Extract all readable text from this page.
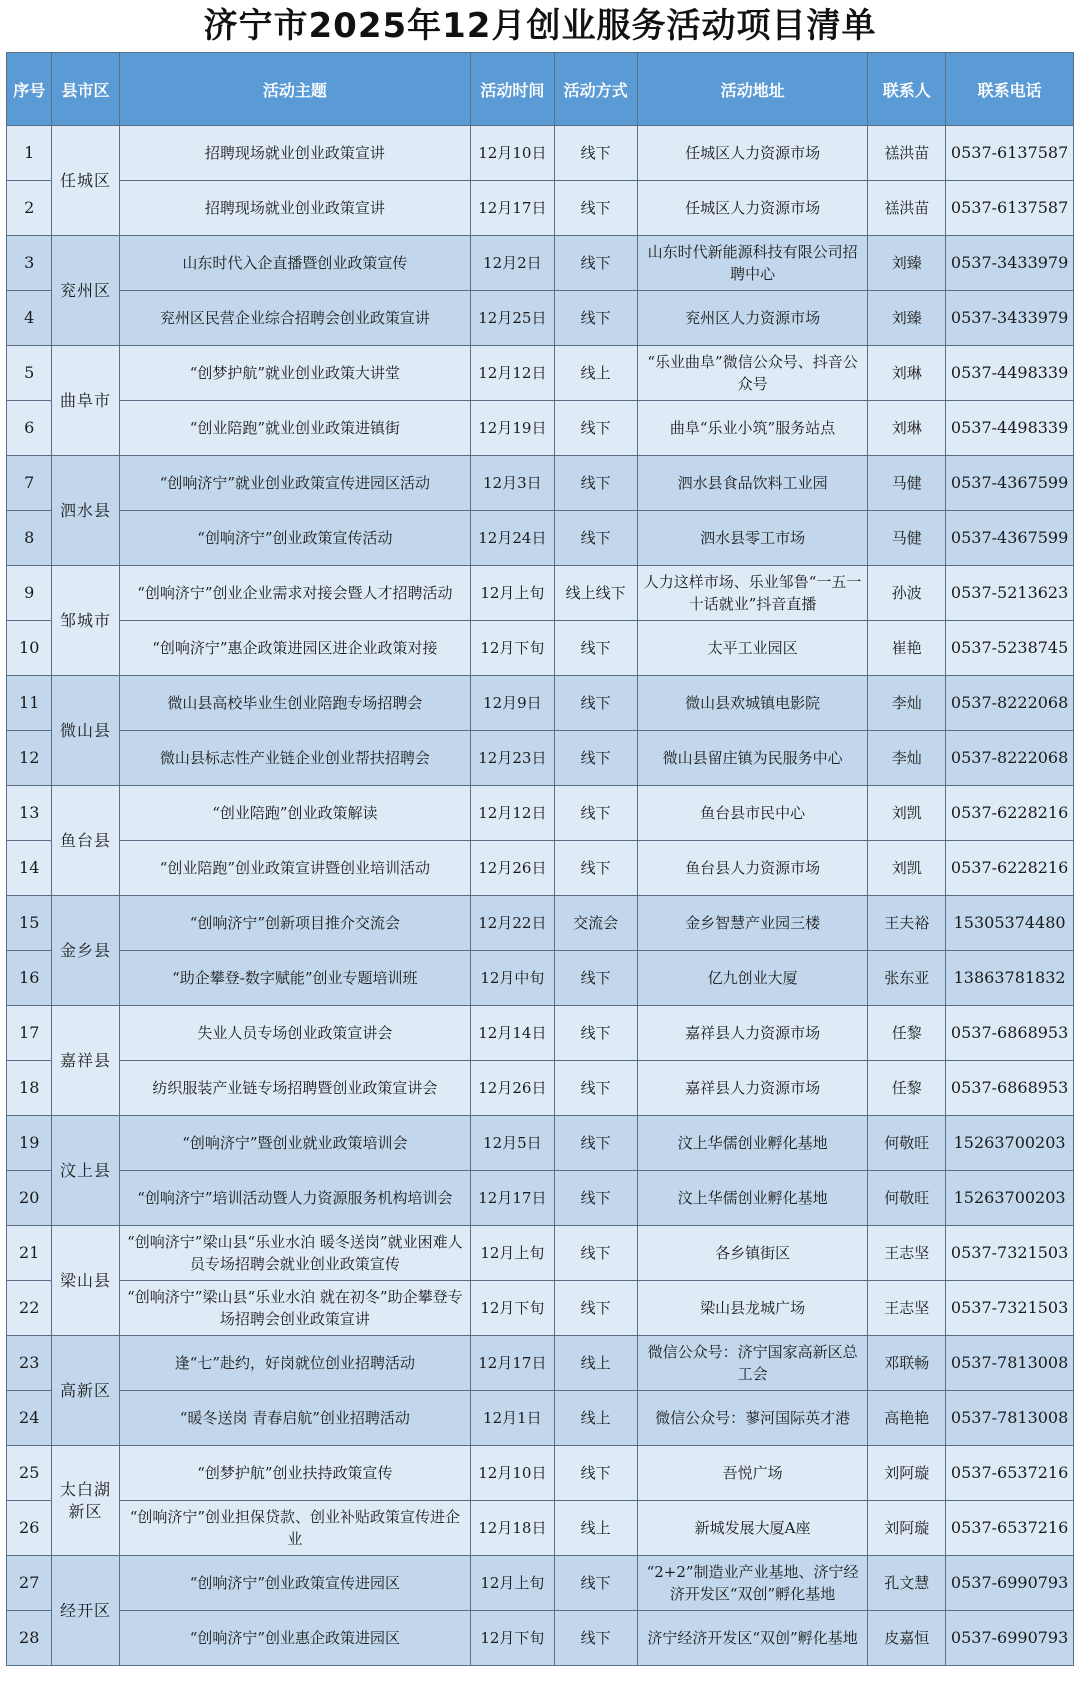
济宁市2025年12月创业服务活动项目清单
序号	县市区	活动主题	活动时间	活动方式	活动地址	联系人	联系电话
1	任城区	招聘现场就业创业政策宣讲	12月10日	线下	任城区人力资源市场	禚洪苗	0537-6137587
2		招聘现场就业创业政策宣讲	12月17日	线下	任城区人力资源市场	禚洪苗	0537-6137587
3	兖州区	山东时代入企直播暨创业政策宣传	12月2日	线下	山东时代新能源科技有限公司招聘中心	刘臻	0537-3433979
4		兖州区民营企业综合招聘会创业政策宣讲	12月25日	线下	兖州区人力资源市场	刘臻	0537-3433979
5	曲阜市	“创梦护航”就业创业政策大讲堂	12月12日	线上	“乐业曲阜”微信公众号、抖音公众号	刘琳	0537-4498339
6		“创业陪跑”就业创业政策进镇街	12月19日	线下	曲阜“乐业小筑”服务站点	刘琳	0537-4498339
7	泗水县	“创响济宁”就业创业政策宣传进园区活动	12月3日	线下	泗水县食品饮料工业园	马健	0537-4367599
8		“创响济宁”创业政策宣传活动	12月24日	线下	泗水县零工市场	马健	0537-4367599
9	邹城市	“创响济宁”创业企业需求对接会暨人才招聘活动	12月上旬	线上线下	人力这样市场、乐业邹鲁“一五一十话就业”抖音直播	孙波	0537-5213623
10		“创响济宁”惠企政策进园区进企业政策对接	12月下旬	线下	太平工业园区	崔艳	0537-5238745
11	微山县	微山县高校毕业生创业陪跑专场招聘会	12月9日	线下	微山县欢城镇电影院	李灿	0537-8222068
12		微山县标志性产业链企业创业帮扶招聘会	12月23日	线下	微山县留庄镇为民服务中心	李灿	0537-8222068
13	鱼台县	“创业陪跑”创业政策解读	12月12日	线下	鱼台县市民中心	刘凯	0537-6228216
14		“创业陪跑”创业政策宣讲暨创业培训活动	12月26日	线下	鱼台县人力资源市场	刘凯	0537-6228216
15	金乡县	“创响济宁”创新项目推介交流会	12月22日	交流会	金乡智慧产业园三楼	王夫裕	15305374480
16		“助企攀登-数字赋能”创业专题培训班	12月中旬	线下	亿九创业大厦	张东亚	13863781832
17	嘉祥县	失业人员专场创业政策宣讲会	12月14日	线下	嘉祥县人力资源市场	任黎	0537-6868953
18		纺织服装产业链专场招聘暨创业政策宣讲会	12月26日	线下	嘉祥县人力资源市场	任黎	0537-6868953
19	汶上县	“创响济宁”暨创业就业政策培训会	12月5日	线下	汶上华儒创业孵化基地	何敬旺	15263700203
20		“创响济宁”培训活动暨人力资源服务机构培训会	12月17日	线下	汶上华儒创业孵化基地	何敬旺	15263700203
21	梁山县	“创响济宁”梁山县“乐业水泊 暖冬送岗”就业困难人员专场招聘会就业创业政策宣传	12月上旬	线下	各乡镇街区	王志坚	0537-7321503
22		“创响济宁”梁山县“乐业水泊 就在初冬”助企攀登专场招聘会创业政策宣讲	12月下旬	线下	梁山县龙城广场	王志坚	0537-7321503
23	高新区	逢“七”赴约，好岗就位创业招聘活动	12月17日	线上	微信公众号：济宁国家高新区总工会	邓联畅	0537-7813008
24		“暖冬送岗 青春启航”创业招聘活动	12月1日	线上	微信公众号：蓼河国际英才港	高艳艳	0537-7813008
25	太白湖新区	“创梦护航”创业扶持政策宣传	12月10日	线下	吾悦广场	刘阿璇	0537-6537216
26		“创响济宁”创业担保贷款、创业补贴政策宣传进企业	12月18日	线上	新城发展大厦A座	刘阿璇	0537-6537216
27	经开区	“创响济宁”创业政策宣传进园区	12月上旬	线下	“2+2”制造业产业基地、济宁经济开发区“双创”孵化基地	孔文慧	0537-6990793
28		“创响济宁”创业惠企政策进园区	12月下旬	线下	济宁经济开发区“双创”孵化基地	皮嘉恒	0537-6990793
